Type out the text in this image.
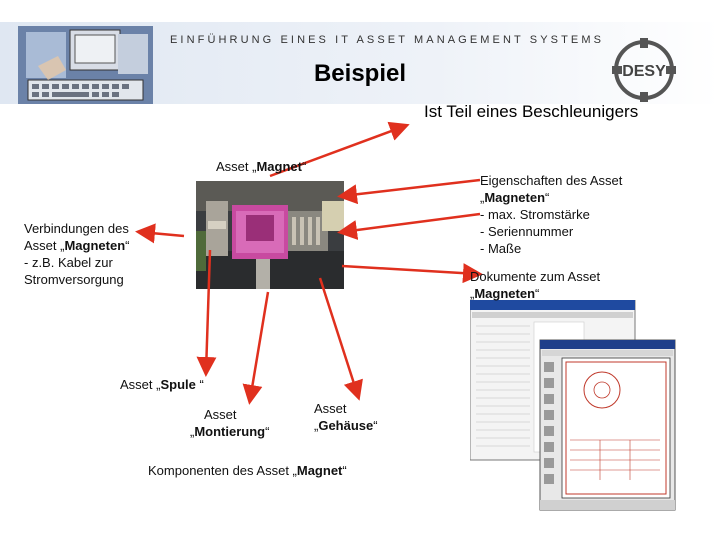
EINFÜHRUNG EINES IT ASSET MANAGEMENT SYSTEMS
DESY
Beispiel
Ist Teil eines Beschleunigers
Asset „Magnet“
Verbindungen des
Asset „Magneten“
- z.B. Kabel zur
Stromversorgung
Eigenschaften des Asset
„Magneten“
- max. Stromstärke
- Seriennummer
- Maße
Dokumente zum Asset
„Magneten“
Asset „Spule “
Asset
„Montierung“
Asset
„Gehäuse“
Komponenten des Asset „Magnet“
